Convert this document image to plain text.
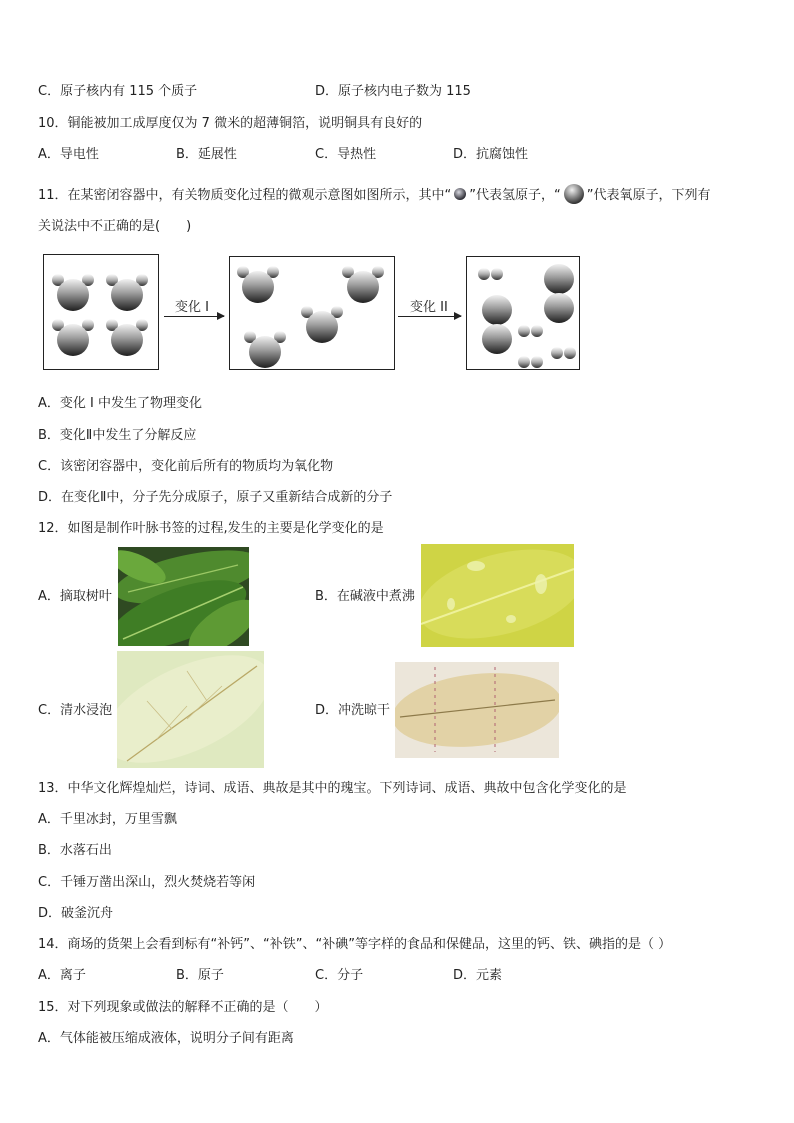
C．原子核内有 115 个质子	D．原子核内电子数为 115
10．铜能被加工成厚度仅为 7 微米的超薄铜箔，说明铜具有良好的
A．导电性	B．延展性	C．导热性	D．抗腐蚀性
11．在某密闭容器中，有关物质变化过程的微观示意图如图所示，其中“ ”代表氢原子，“ ”代表氧原子，下列有
关说法中不正确的是(　　)
变化 I	变化 II
A．变化 I 中发生了物理变化
B．变化Ⅱ中发生了分解反应
C．该密闭容器中，变化前后所有的物质均为氧化物
D．在变化Ⅱ中，分子先分成原子，原子又重新结合成新的分子
12．如图是制作叶脉书签的过程,发生的主要是化学变化的是
A．摘取树叶	B．在碱液中煮沸
C．清水浸泡	D．冲洗晾干
13．中华文化辉煌灿烂，诗词、成语、典故是其中的瑰宝。下列诗词、成语、典故中包含化学变化的是
A．千里冰封，万里雪飘
B．水落石出
C．千锤万凿出深山，烈火焚烧若等闲
D．破釜沉舟
14．商场的货架上会看到标有“补钙”、“补铁”、“补碘”等字样的食品和保健品，这里的钙、铁、碘指的是（ ）
A．离子	B．原子	C．分子	D．元素
15．对下列现象或做法的解释不正确的是（　　）
A．气体能被压缩成液体，说明分子间有距离
